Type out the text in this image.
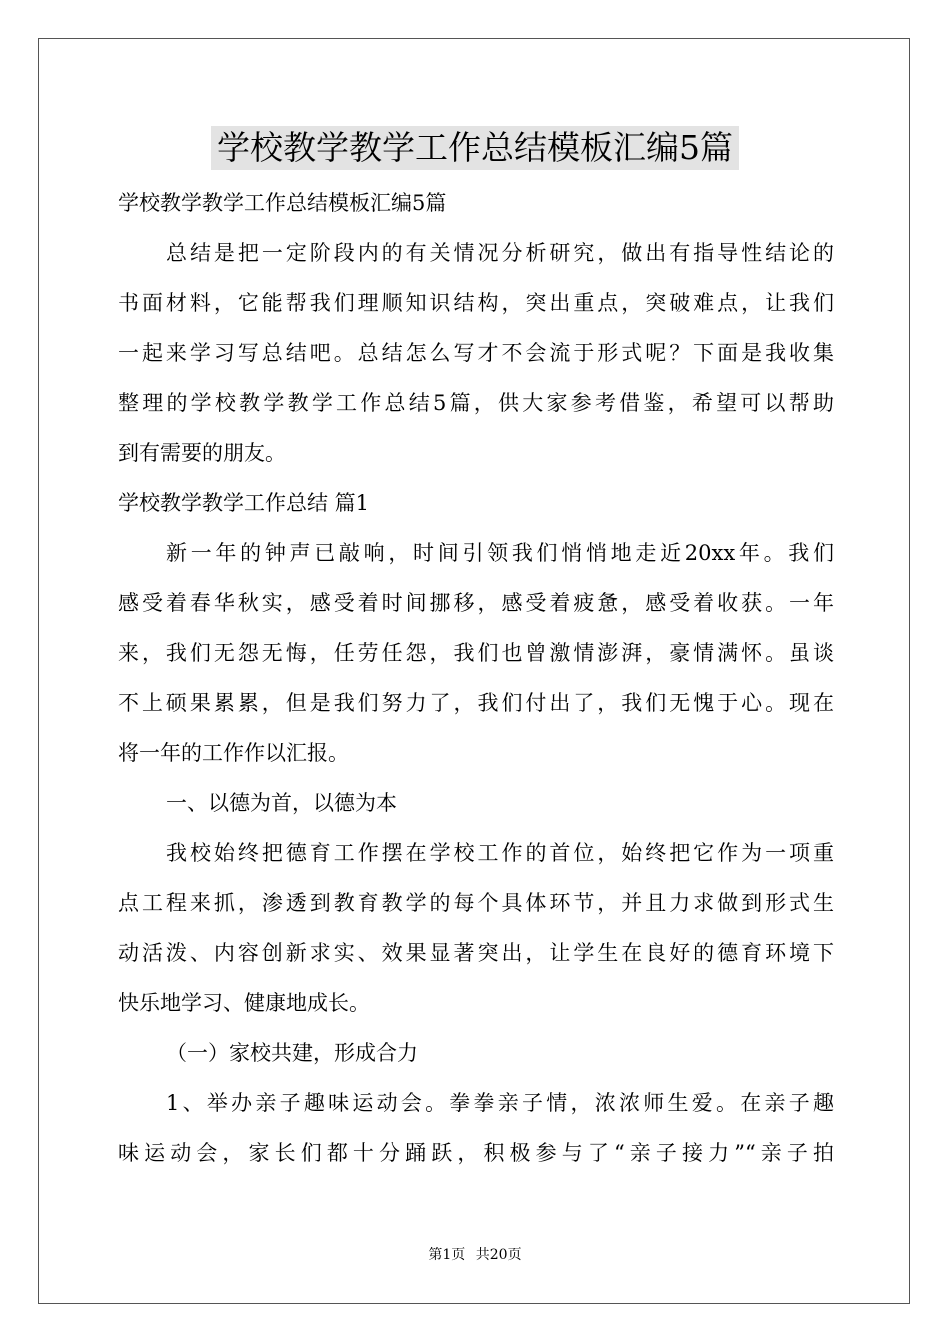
学校教学教学工作总结模板汇编5篇
学校教学教学工作总结模板汇编5篇
总结是把一定阶段内的有关情况分析研究，做出有指导性结论的
书面材料，它能帮我们理顺知识结构，突出重点，突破难点，让我们
一起来学习写总结吧。总结怎么写才不会流于形式呢？下面是我收集
整理的学校教学教学工作总结5篇，供大家参考借鉴，希望可以帮助
到有需要的朋友。
学校教学教学工作总结 篇1
新一年的钟声已敲响，时间引领我们悄悄地走近20xx年。我们
感受着春华秋实，感受着时间挪移，感受着疲惫，感受着收获。一年
来，我们无怨无悔，任劳任怨，我们也曾激情澎湃，豪情满怀。虽谈
不上硕果累累，但是我们努力了，我们付出了，我们无愧于心。现在
将一年的工作作以汇报。
一、以德为首，以德为本
我校始终把德育工作摆在学校工作的首位，始终把它作为一项重
点工程来抓，渗透到教育教学的每个具体环节，并且力求做到形式生
动活泼、内容创新求实、效果显著突出，让学生在良好的德育环境下
快乐地学习、健康地成长。
（一）家校共建，形成合力
1、举办亲子趣味运动会。拳拳亲子情，浓浓师生爱。在亲子趣
味运动会，家长们都十分踊跃，积极参与了“亲子接力”“亲子拍
第1页 共20页
